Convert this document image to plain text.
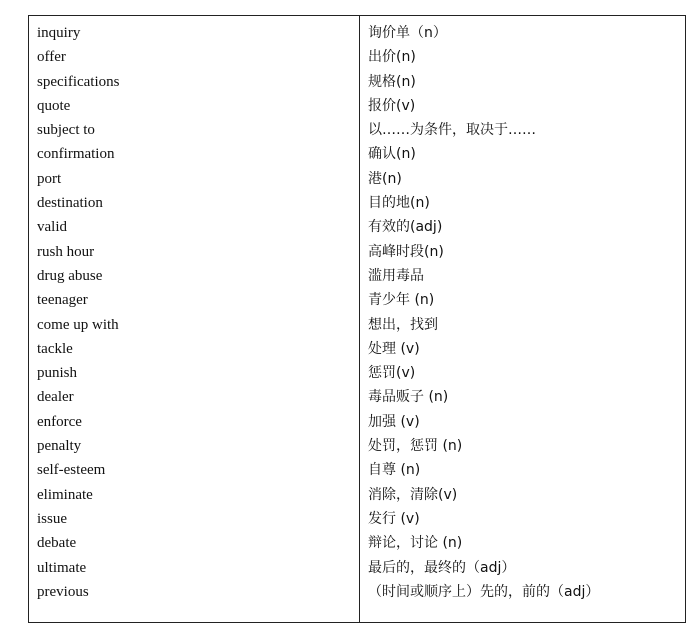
inquiry
offer
specifications
quote
subject to
confirmation
port
destination
valid
rush hour
drug abuse
teenager
come up with
tackle
punish
dealer
enforce
penalty
self-esteem
eliminate
issue
debate
ultimate
previous
询价单（n）
出价(n)
规格(n)
报价(v)
以……为条件，取决于……
确认(n)
港(n)
目的地(n)
有效的(adj)
高峰时段(n)
滥用毒品
青少年 (n)
想出，找到
处理 (v)
惩罚(v)
毒品贩子 (n)
加强 (v)
处罚，惩罚 (n)
自尊 (n)
消除，清除(v)
发行 (v)
辩论，讨论 (n)
最后的，最终的（adj）
（时间或顺序上）先的，前的（adj）
